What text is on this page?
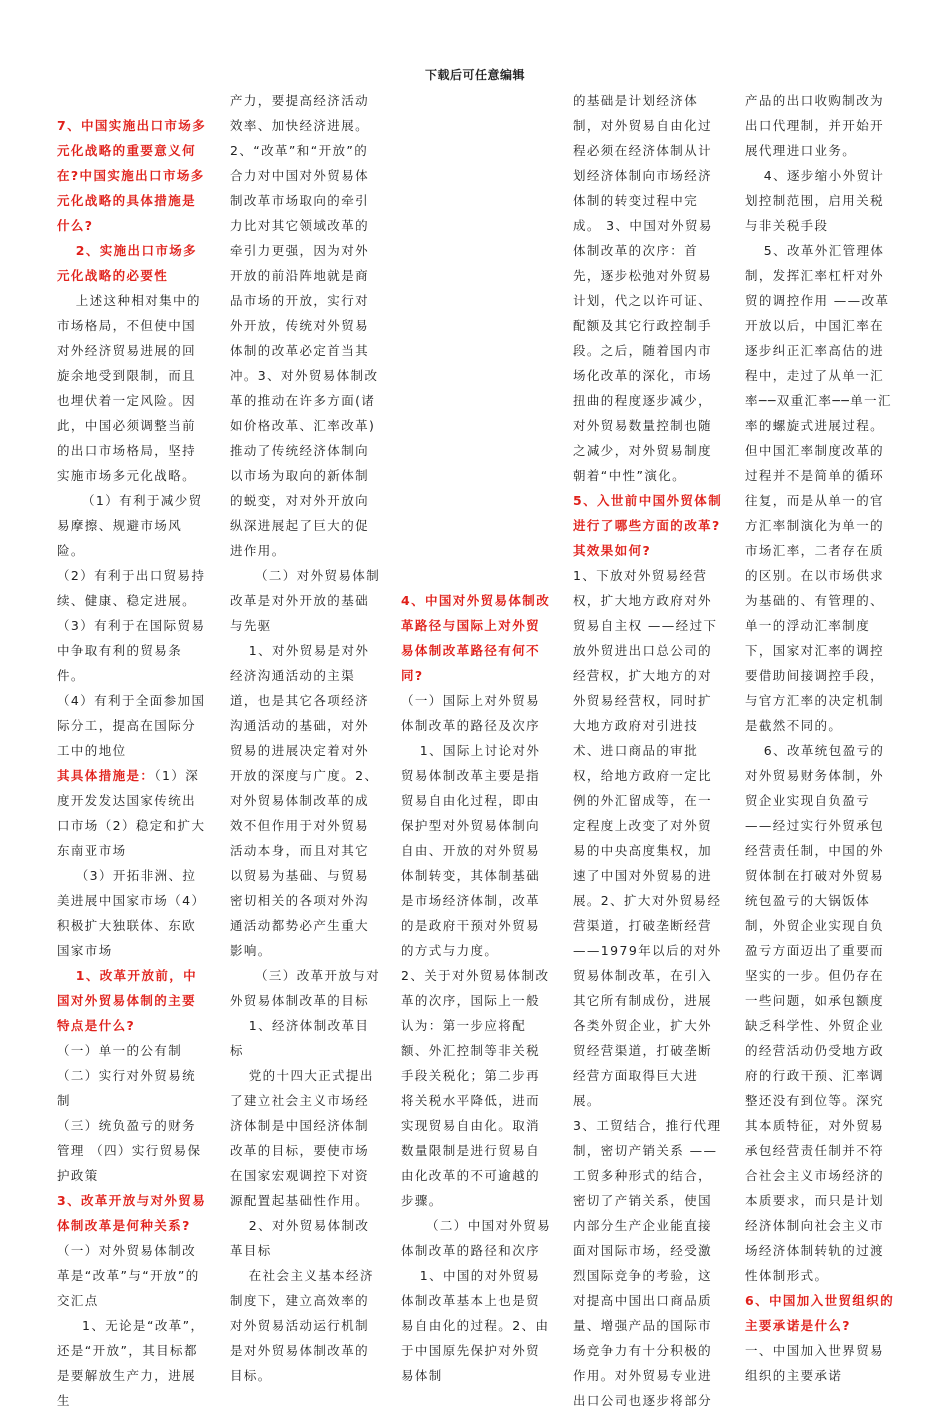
下载后可任意编辑

7、中国实施出口市场多元化战略的重要意义何在?中国实施出口市场多元化战略的具体措施是什么?

2、实施出口市场多元化战略的必要性

上述这种相对集中的市场格局，不但使中国对外经济贸易进展的回旋余地受到限制，而且也埋伏着一定风险。因此，中国必须调整当前的出口市场格局，坚持实施市场多元化战略。

（1）有利于减少贸易摩擦、规避市场风险。

（2）有利于出口贸易持续、健康、稳定进展。

（3）有利于在国际贸易中争取有利的贸易条件。

（4）有利于全面参加国际分工，提高在国际分工中的地位

其具体措施是：（1）深度开发发达国家传统出口市场（2）稳定和扩大东南亚市场

（3）开拓非洲、拉美进展中国家市场（4）积极扩大独联体、东欧国家市场

1、改革开放前，中国对外贸易体制的主要特点是什么?

（一）单一的公有制

（二）实行对外贸易统制

（三）统负盈亏的财务管理 （四）实行贸易保护政策

3、改革开放与对外贸易体制改革是何种关系?

（一）对外贸易体制改革是“改革”与“开放”的交汇点

1、无论是“改革”，还是“开放”，其目标都是要解放生产力，进展生

产力，要提高经济活动效率、加快经济进展。

2、“改革”和“开放”的合力对中国对外贸易体制改革市场取向的牵引力比对其它领域改革的牵引力更强，因为对外开放的前沿阵地就是商品市场的开放，实行对外开放，传统对外贸易体制的改革必定首当其冲。3、对外贸易体制改革的推动在许多方面(诸如价格改革、汇率改革)推动了传统经济体制向以市场为取向的新体制的蜕变，对对外开放向纵深进展起了巨大的促进作用。

（二）对外贸易体制改革是对外开放的基础与先驱

1、对外贸易是对外经济沟通活动的主渠道，也是其它各项经济沟通活动的基础，对外贸易的进展决定着对外开放的深度与广度。2、对外贸易体制改革的成效不但作用于对外贸易活动本身，而且对其它以贸易为基础、与贸易密切相关的各项对外沟通活动都势必产生重大影响。

（三）改革开放与对外贸易体制改革的目标

1、经济体制改革目标

党的十四大正式提出了建立社会主义市场经济体制是中国经济体制改革的目标，要使市场在国家宏观调控下对资源配置起基础性作用。

2、对外贸易体制改革目标

在社会主义基本经济制度下，建立高效率的对外贸易活动运行机制是对外贸易体制改革的目标。

4、中国对外贸易体制改革路径与国际上对外贸易体制改革路径有何不同?

（一）国际上对外贸易体制改革的路径及次序

1、国际上讨论对外贸易体制改革主要是指贸易自由化过程，即由保护型对外贸易体制向自由、开放的对外贸易体制转变，其体制基础是市场经济体制，改革的是政府干预对外贸易的方式与力度。

2、关于对外贸易体制改革的次序，国际上一般认为：第一步应将配额、外汇控制等非关税手段关税化；第二步再将关税水平降低，进而实现贸易自由化。取消数量限制是进行贸易自由化改革的不可逾越的步骤。

（二）中国对外贸易体制改革的路径和次序

1、中国的对外贸易体制改革基本上也是贸易自由化的过程。2、由于中国原先保护对外贸易体制

的基础是计划经济体制，对外贸易自由化过程必须在经济体制从计划经济体制向市场经济体制的转变过程中完成。 3、中国对外贸易体制改革的次序：首先，逐步松弛对外贸易计划，代之以许可证、配额及其它行政控制手段。之后，随着国内市场化改革的深化，市场扭曲的程度逐步减少，对外贸易数量控制也随之减少，对外贸易制度朝着“中性”演化。

5、入世前中国外贸体制进行了哪些方面的改革?其效果如何?

1、下放对外贸易经营权，扩大地方政府对外贸易自主权 ——经过下放外贸进出口总公司的经营权，扩大地方的对外贸易经营权，同时扩大地方政府对引进技术、进口商品的审批权，给地方政府一定比例的外汇留成等，在一定程度上改变了对外贸易的中央高度集权，加速了中国对外贸易的进展。2、扩大对外贸易经营渠道，打破垄断经营 ——1979年以后的对外贸易体制改革，在引入其它所有制成份，进展各类外贸企业，扩大外贸经营渠道，打破垄断经营方面取得巨大进展。

3、工贸结合，推行代理制，密切产销关系 ——工贸多种形式的结合，密切了产销关系，使国内部分生产企业能直接面对国际市场，经受激烈国际竞争的考验，这对提高中国出口商品质量、增强产品的国际市场竞争力有十分积极的作用。对外贸易专业进出口公司也逐步将部分

产品的出口收购制改为出口代理制，并开始开展代理进口业务。

4、逐步缩小外贸计划控制范围，启用关税与非关税手段

5、改革外汇管理体制，发挥汇率杠杆对外贸的调控作用 ——改革开放以后，中国汇率在逐步纠正汇率高估的进程中，走过了从单一汇率──双重汇率──单一汇率的螺旋式进展过程。但中国汇率制度改革的过程并不是简单的循环往复，而是从单一的官方汇率制演化为单一的市场汇率，二者存在质的区别。在以市场供求为基础的、有管理的、单一的浮动汇率制度下，国家对汇率的调控要借助间接调控手段，与官方汇率的决定机制是截然不同的。

6、改革统包盈亏的对外贸易财务体制，外贸企业实现自负盈亏 ——经过实行外贸承包经营责任制，中国的外贸体制在打破对外贸易统包盈亏的大锅饭体制，外贸企业实现自负盈亏方面迈出了重要而坚实的一步。但仍存在一些问题，如承包额度缺乏科学性、外贸企业的经营活动仍受地方政府的行政干预、汇率调整还没有到位等。深究其本质特征，对外贸易承包经营责任制并不符合社会主义市场经济的本质要求，而只是计划经济体制向社会主义市场经济体制转轨的过渡性体制形式。

6、中国加入世贸组织的主要承诺是什么?

一、中国加入世界贸易组织的主要承诺
